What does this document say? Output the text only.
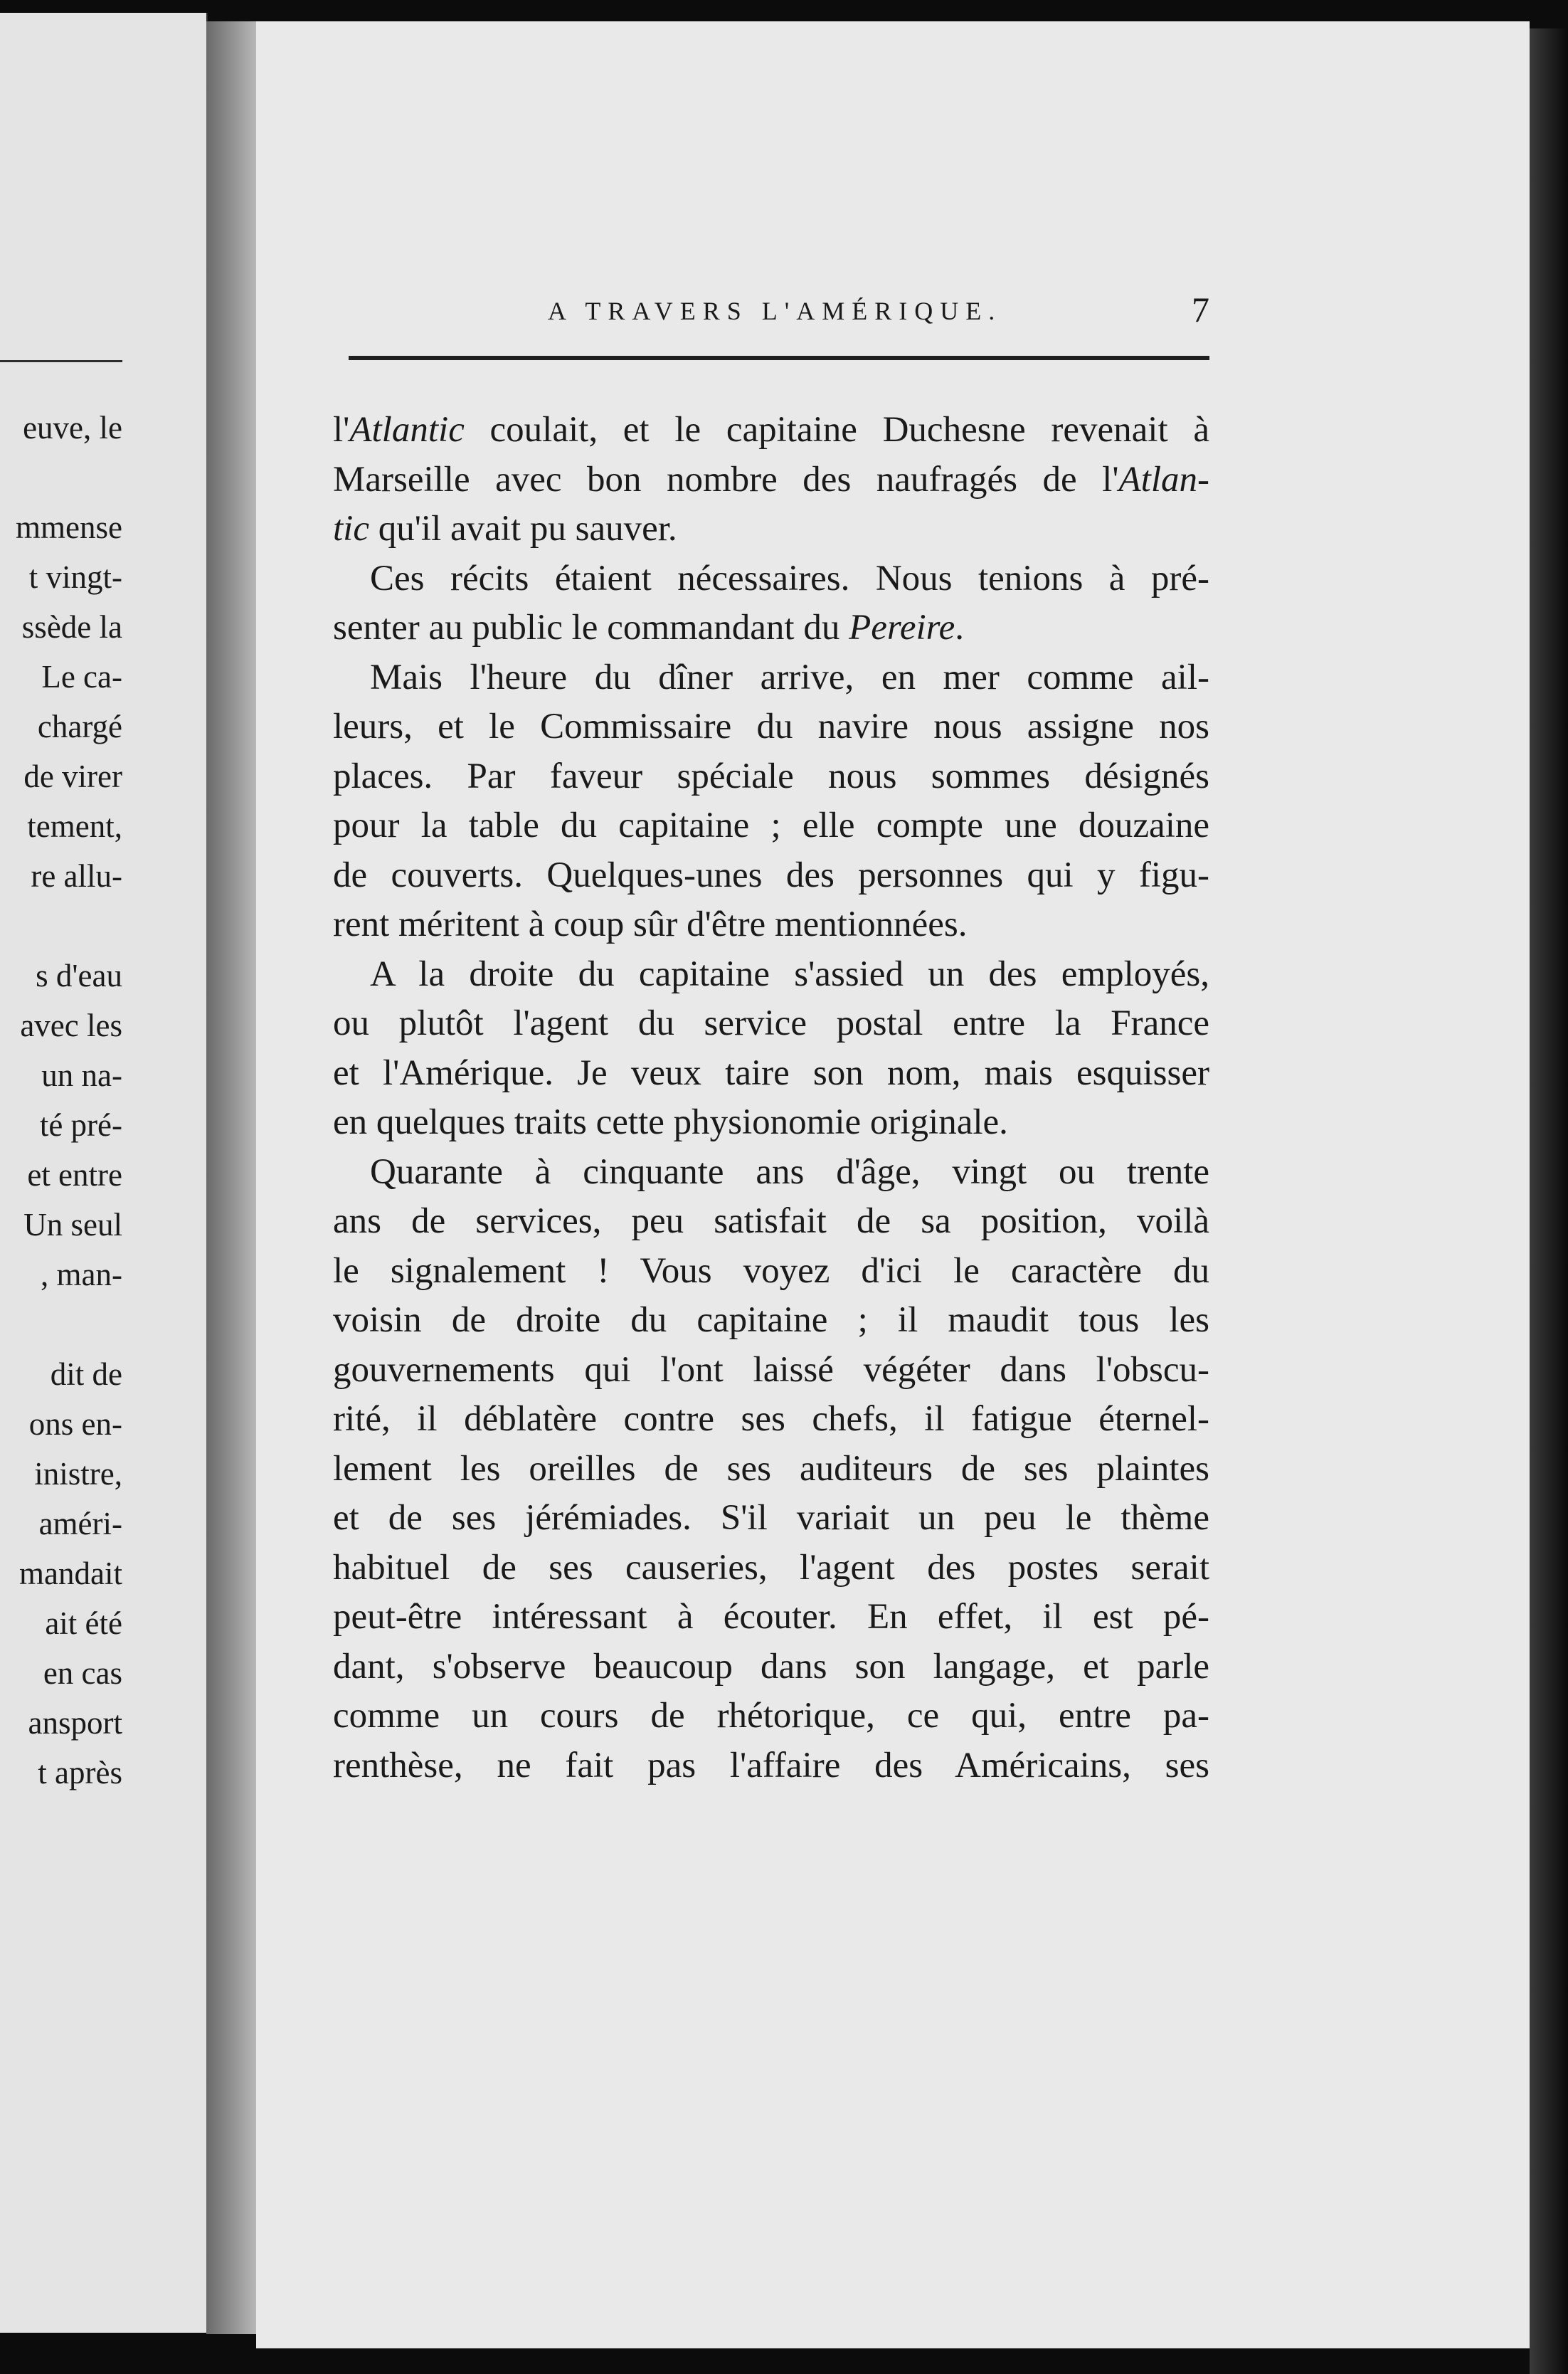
euve, le
mmense
t vingt-
ssède la
Le ca-
chargé
de virer
tement,
re allu-
s d'eau
avec les
un na-
té pré-
et entre
Un seul
, man-
dit de
ons en-
inistre,
améri-
mandait
ait été
en cas
ansport
t après
A TRAVERS L'AMÉRIQUE.	7
l'Atlantic coulait, et le capitaine Duchesne revenait à
Marseille avec bon nombre des naufragés de l'Atlan-
tic qu'il avait pu sauver.
Ces récits étaient nécessaires. Nous tenions à pré-
senter au public le commandant du Pereire.
Mais l'heure du dîner arrive, en mer comme ail-
leurs, et le Commissaire du navire nous assigne nos
places. Par faveur spéciale nous sommes désignés
pour la table du capitaine ; elle compte une douzaine
de couverts. Quelques-unes des personnes qui y figu-
rent méritent à coup sûr d'être mentionnées.
A la droite du capitaine s'assied un des employés,
ou plutôt l'agent du service postal entre la France
et l'Amérique. Je veux taire son nom, mais esquisser
en quelques traits cette physionomie originale.
Quarante à cinquante ans d'âge, vingt ou trente
ans de services, peu satisfait de sa position, voilà
le signalement ! Vous voyez d'ici le caractère du
voisin de droite du capitaine ; il maudit tous les
gouvernements qui l'ont laissé végéter dans l'obscu-
rité, il déblatère contre ses chefs, il fatigue éternel-
lement les oreilles de ses auditeurs de ses plaintes
et de ses jérémiades. S'il variait un peu le thème
habituel de ses causeries, l'agent des postes serait
peut-être intéressant à écouter. En effet, il est pé-
dant, s'observe beaucoup dans son langage, et parle
comme un cours de rhétorique, ce qui, entre pa-
renthèse, ne fait pas l'affaire des Américains, ses
